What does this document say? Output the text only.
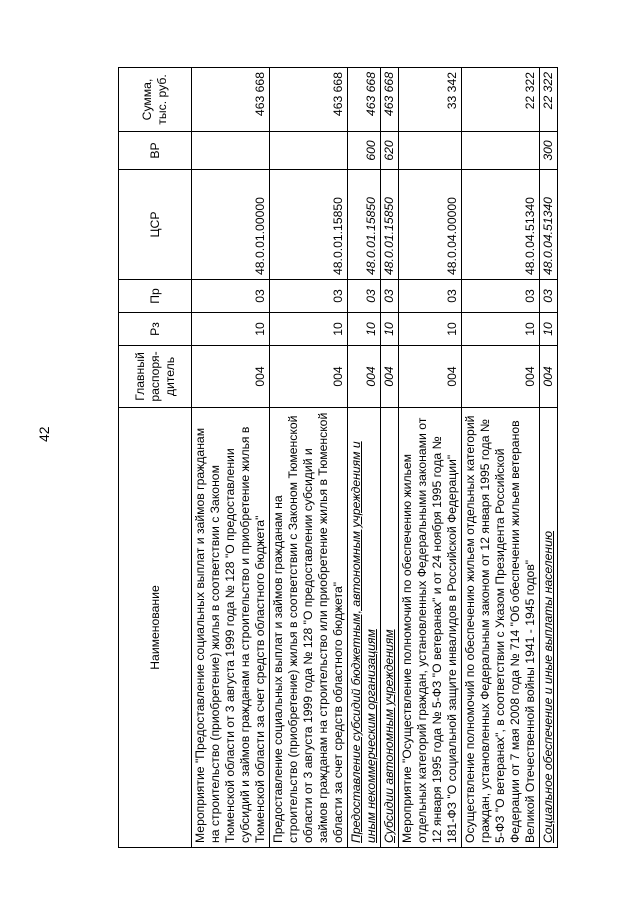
42
Наименование	Главный распоря-дитель	Рз	Пр	ЦСР	ВР	Сумма, тыс. руб.
Мероприятие "Предоставление социальных выплат и займов гражданам на строительство (приобретение) жилья в соответствии с Законом Тюменской области от 3 августа 1999 года № 128 "О предоставлении субсидий и займов гражданам на строительство и приобретение жилья в Тюменской области за счет средств областного бюджета"	004	10	03	48.0.01.00000		463 668
Предоставление социальных выплат и займов гражданам на строительство (приобретение) жилья в соответствии с Законом Тюменской области от 3 августа 1999 года № 128 "О предоставлении субсидий и займов гражданам на строительство или приобретение жилья в Тюменской области за счет средств областного бюджета"	004	10	03	48.0.01.15850		463 668
Предоставление субсидий бюджетным, автономным учреждениям и иным некоммерческим организациям	004	10	03	48.0.01.15850	600	463 668
Субсидии автономным учреждениям	004	10	03	48.0.01.15850	620	463 668
Мероприятие "Осуществление полномочий по обеспечению жильем отдельных категорий граждан, установленных Федеральными законами от 12 января 1995 года № 5-ФЗ "О ветеранах" и от 24 ноября 1995 года № 181-ФЗ "О социальной защите инвалидов в Российской Федерации"	004	10	03	48.0.04.00000		33 342
Осуществление полномочий по обеспечению жильем отдельных категорий граждан, установленных Федеральным законом от 12 января 1995 года № 5-ФЗ "О ветеранах", в соответствии с Указом Президента Российской Федерации от 7 мая 2008 года № 714 "Об обеспечении жильем ветеранов Великой Отечественной войны 1941 - 1945 годов"	004	10	03	48.0.04.51340		22 322
Социальное обеспечение и иные выплаты населению	004	10	03	48.0.04.51340	300	22 322
